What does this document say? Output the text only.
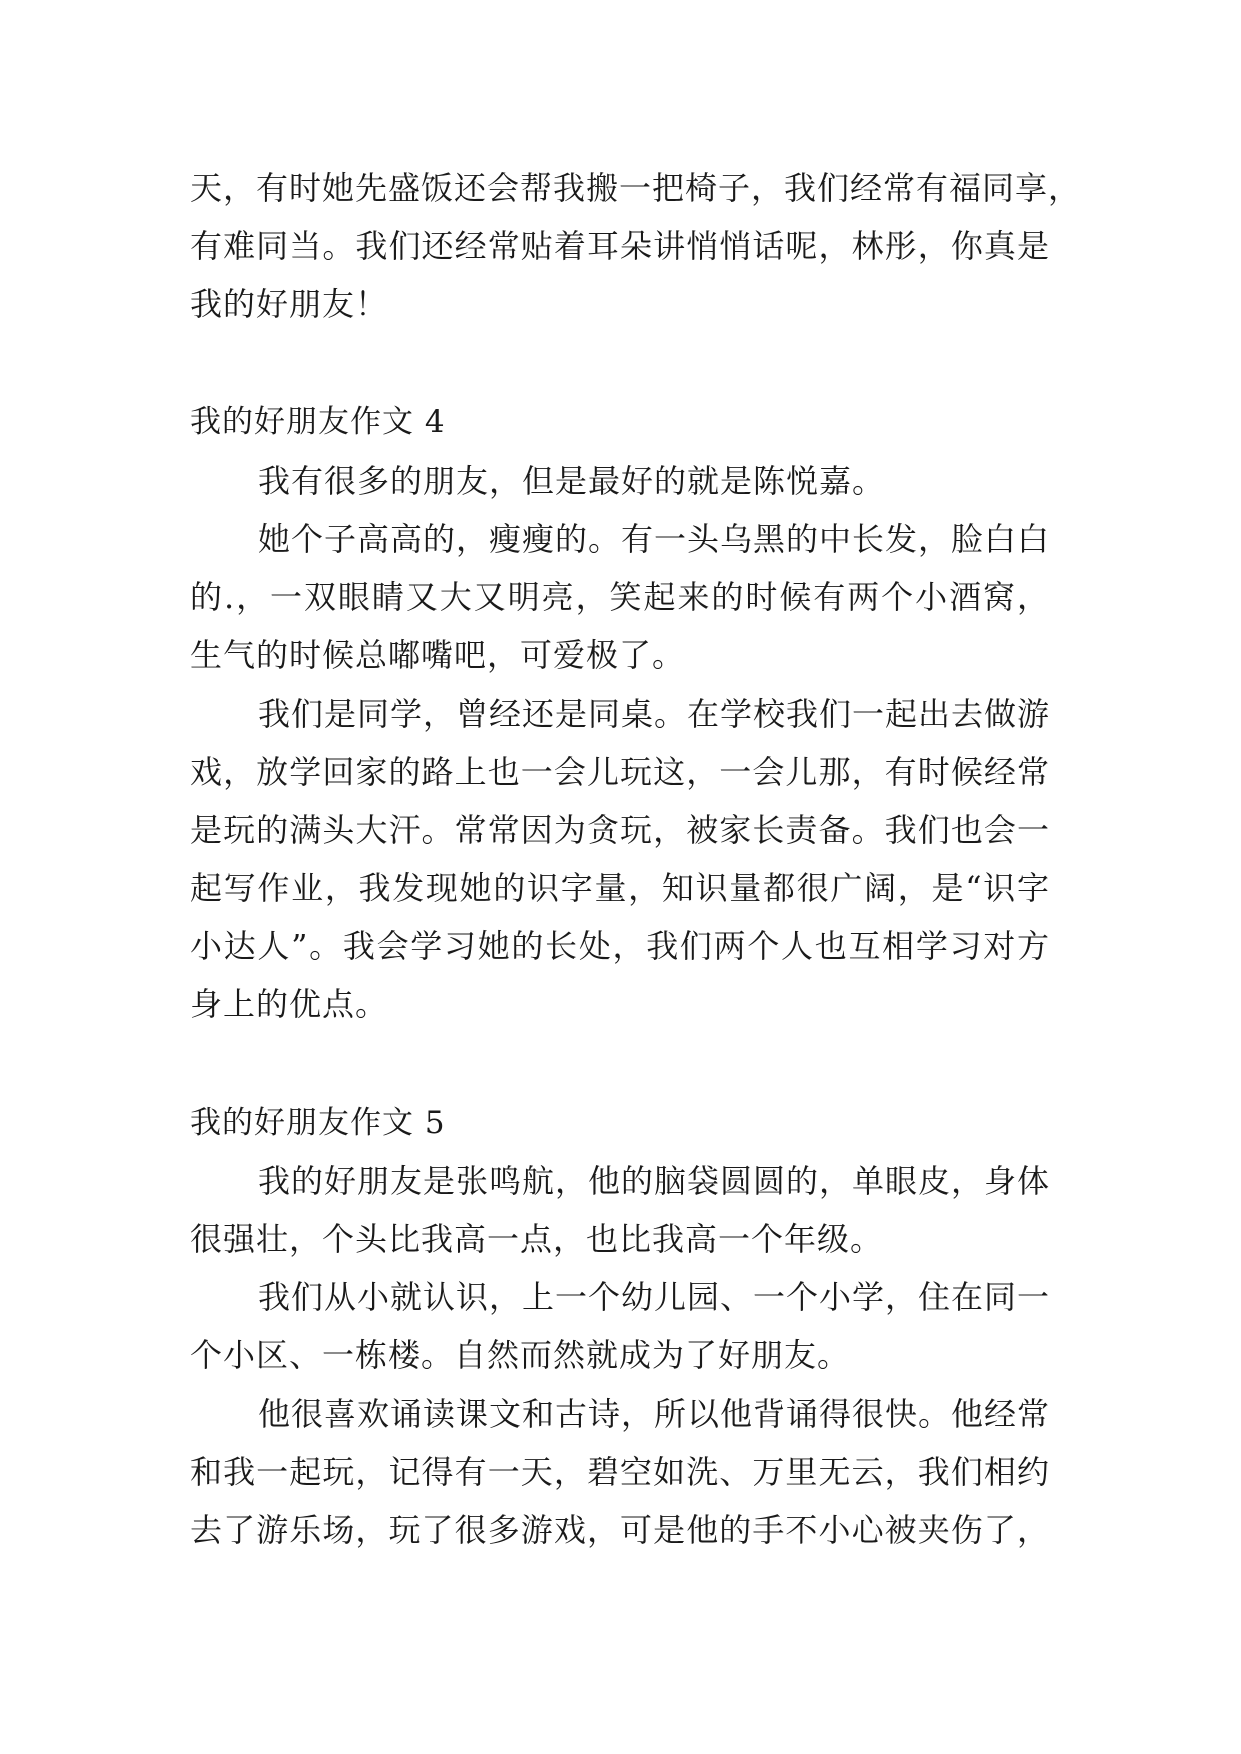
天，有时她先盛饭还会帮我搬一把椅子，我们经常有福同享，
有难同当。我们还经常贴着耳朵讲悄悄话呢，林彤，你真是
我的好朋友！
我的好朋友作文 4
我有很多的朋友，但是最好的就是陈悦嘉。
她个子高高的，瘦瘦的。有一头乌黑的中长发，脸白白
的.，一双眼睛又大又明亮，笑起来的时候有两个小酒窝，
生气的时候总嘟嘴吧，可爱极了。
我们是同学，曾经还是同桌。在学校我们一起出去做游
戏，放学回家的路上也一会儿玩这，一会儿那，有时候经常
是玩的满头大汗。常常因为贪玩，被家长责备。我们也会一
起写作业，我发现她的识字量，知识量都很广阔，是“识字
小达人”。我会学习她的长处，我们两个人也互相学习对方
身上的优点。
我的好朋友作文 5
我的好朋友是张鸣航，他的脑袋圆圆的，单眼皮，身体
很强壮，个头比我高一点，也比我高一个年级。
我们从小就认识，上一个幼儿园、一个小学，住在同一
个小区、一栋楼。自然而然就成为了好朋友。
他很喜欢诵读课文和古诗，所以他背诵得很快。他经常
和我一起玩，记得有一天，碧空如洗、万里无云，我们相约
去了游乐场，玩了很多游戏，可是他的手不小心被夹伤了，
